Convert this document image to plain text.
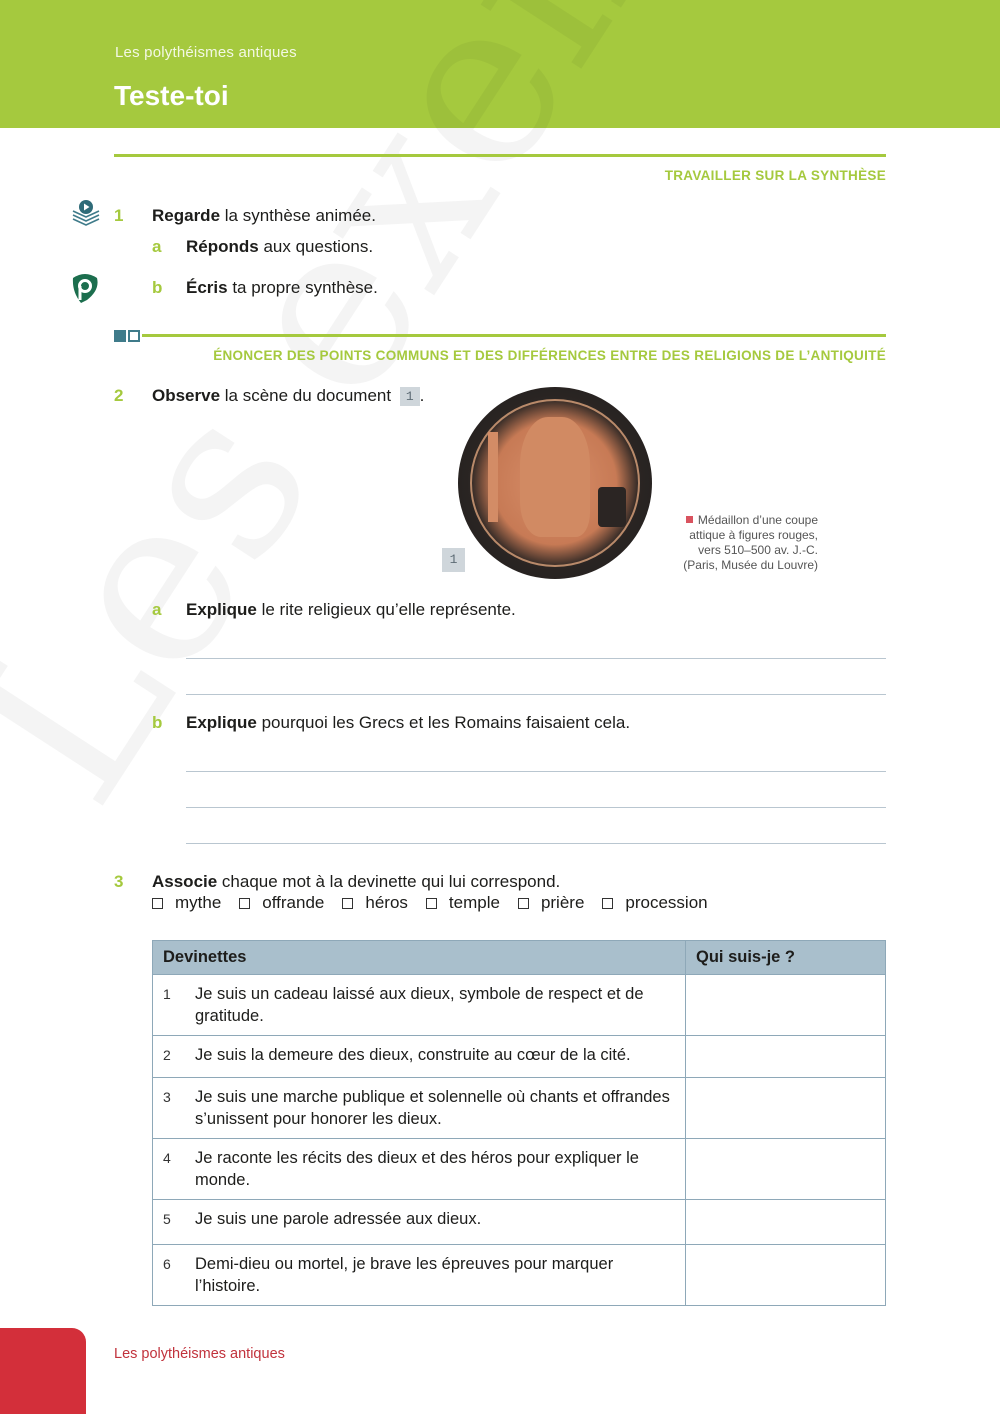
Les polythéismes antiques
Teste-toi
TRAVAILLER SUR LA SYNTHÈSE
1 Regarde la synthèse animée.
a Réponds aux questions.
b Écris ta propre synthèse.
ÉNONCER DES POINTS COMMUNS ET DES DIFFÉRENCES ENTRE DES RELIGIONS DE L’ANTIQUITÉ
2 Observe la scène du document 1 .
1
Médaillon d’une coupe
attique à figures rouges,
vers 510–500 av. J.-C.
(Paris, Musée du Louvre)
a Explique le rite religieux qu’elle représente.
b Explique pourquoi les Grecs et les Romains faisaient cela.
3 Associe chaque mot à la devinette qui lui correspond.
mythe offrande héros temple prière procession
Devinettes	Qui suis-je ?

1 Je suis un cadeau laissé aux dieux, symbole de respect et de gratitude.	

2 Je suis la demeure des dieux, construite au cœur de la cité.	

3 Je suis une marche publique et solennelle où chants et offrandes s’unissent pour honorer les dieux.	

4 Je raconte les récits des dieux et des héros pour expliquer le monde.	

5 Je suis une parole adressée aux dieux.	

6 Demi-dieu ou mortel, je brave les épreuves pour marquer l’histoire.	

Les polythéismes antiques
